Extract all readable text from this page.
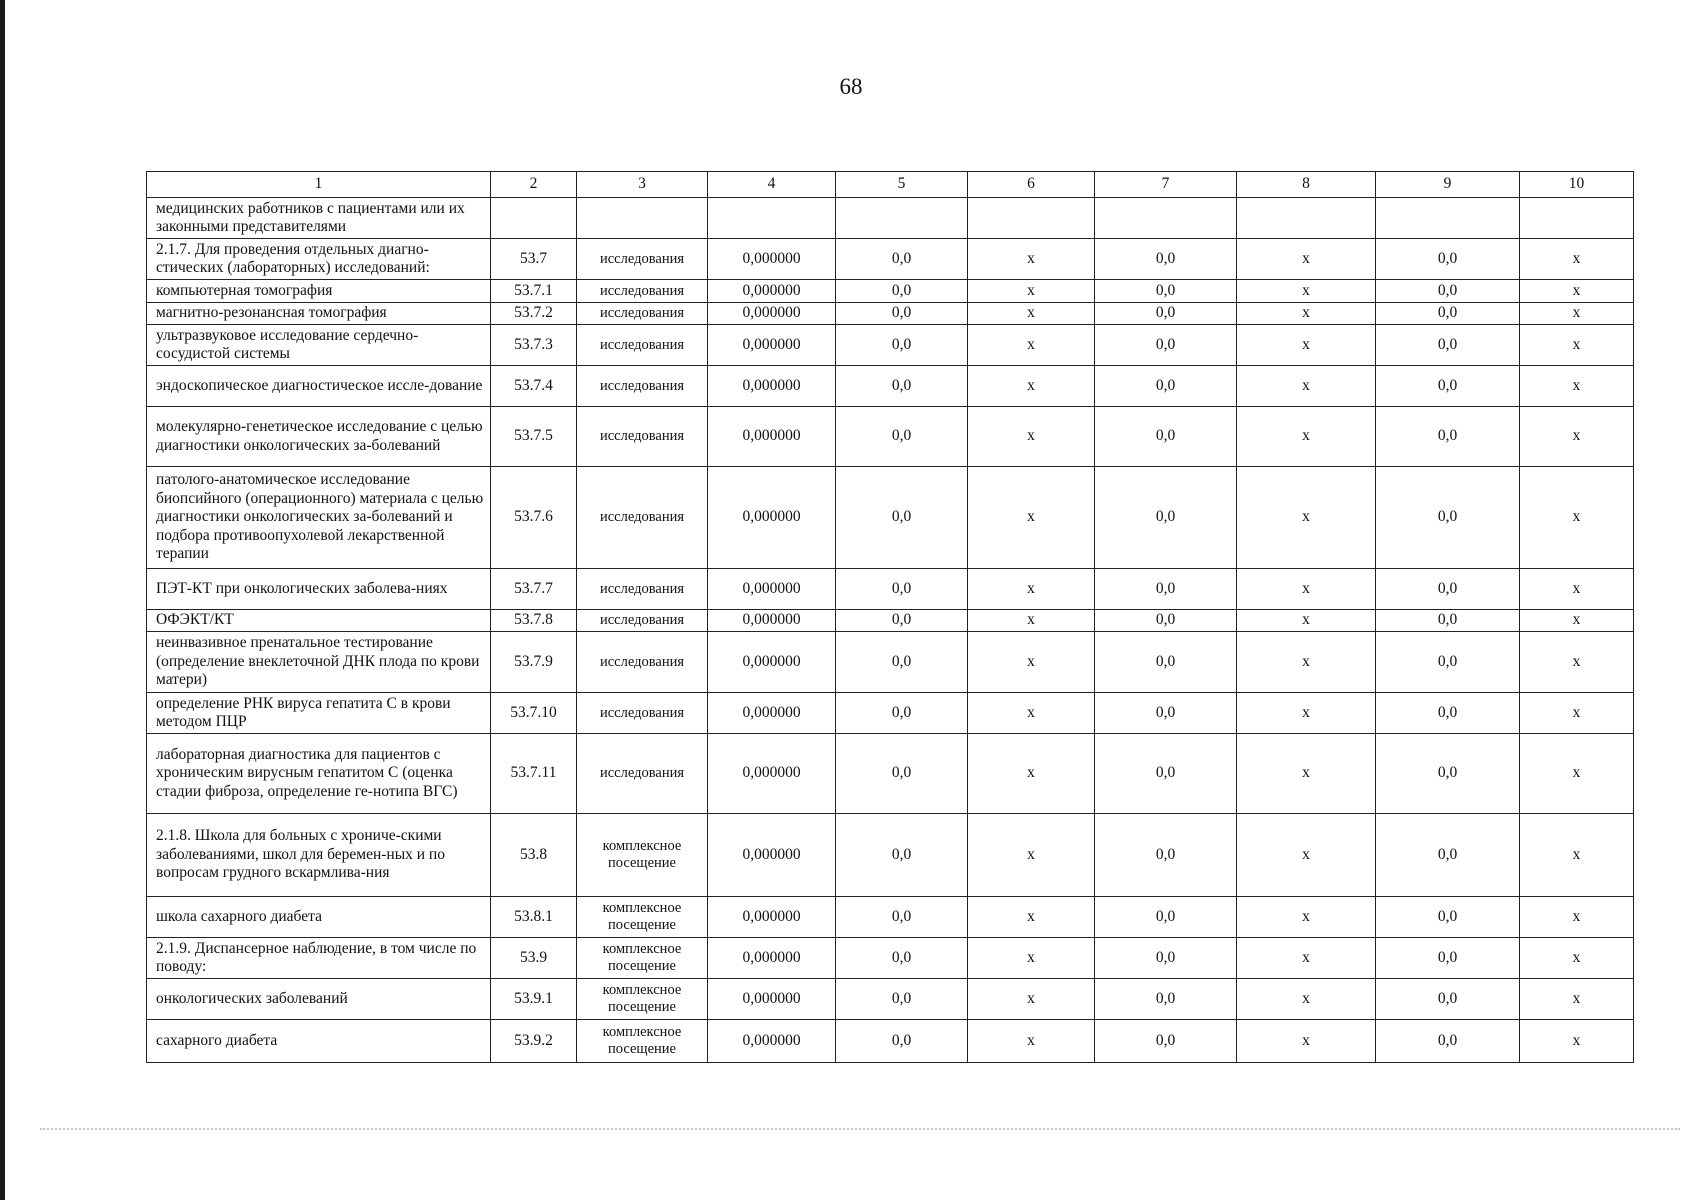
68
1	2	3	4	5	6	7	8	9	10
медицинских работников с пациентами или их законными представителями									
2.1.7. Для проведения отдельных диагно-стических (лабораторных) исследований:	53.7	исследования	0,000000	0,0	х	0,0	х	0,0	х
компьютерная томография	53.7.1	исследования	0,000000	0,0	х	0,0	х	0,0	х
магнитно-резонансная томография	53.7.2	исследования	0,000000	0,0	х	0,0	х	0,0	х
ультразвуковое исследование сердечно-сосудистой системы	53.7.3	исследования	0,000000	0,0	х	0,0	х	0,0	х
эндоскопическое диагностическое иссле-дование	53.7.4	исследования	0,000000	0,0	х	0,0	х	0,0	х
молекулярно-генетическое исследование с целью диагностики онкологических за-болеваний	53.7.5	исследования	0,000000	0,0	х	0,0	х	0,0	х
патолого-анатомическое исследование биопсийного (операционного) материала с целью диагностики онкологических за-болеваний и подбора противоопухолевой лекарственной терапии	53.7.6	исследования	0,000000	0,0	х	0,0	х	0,0	х
ПЭТ-КТ при онкологических заболева-ниях	53.7.7	исследования	0,000000	0,0	х	0,0	х	0,0	х
ОФЭКТ/КТ	53.7.8	исследования	0,000000	0,0	х	0,0	х	0,0	х
неинвазивное пренатальное тестирование (определение внеклеточной ДНК плода по крови матери)	53.7.9	исследования	0,000000	0,0	х	0,0	х	0,0	х
определение РНК вируса гепатита С в крови методом ПЦР	53.7.10	исследования	0,000000	0,0	х	0,0	х	0,0	х
лабораторная диагностика для пациентов с хроническим вирусным гепатитом С (оценка стадии фиброза, определение ге-нотипа ВГС)	53.7.11	исследования	0,000000	0,0	х	0,0	х	0,0	х
2.1.8. Школа для больных с хрониче-скими заболеваниями, школ для беремен-ных и по вопросам грудного вскармлива-ния	53.8	комплексное посещение	0,000000	0,0	х	0,0	х	0,0	х
школа сахарного диабета	53.8.1	комплексное посещение	0,000000	0,0	х	0,0	х	0,0	х
2.1.9. Диспансерное наблюдение, в том числе по поводу:	53.9	комплексное посещение	0,000000	0,0	х	0,0	х	0,0	х
онкологических заболеваний	53.9.1	комплексное посещение	0,000000	0,0	х	0,0	х	0,0	х
сахарного диабета	53.9.2	комплексное посещение	0,000000	0,0	х	0,0	х	0,0	х
